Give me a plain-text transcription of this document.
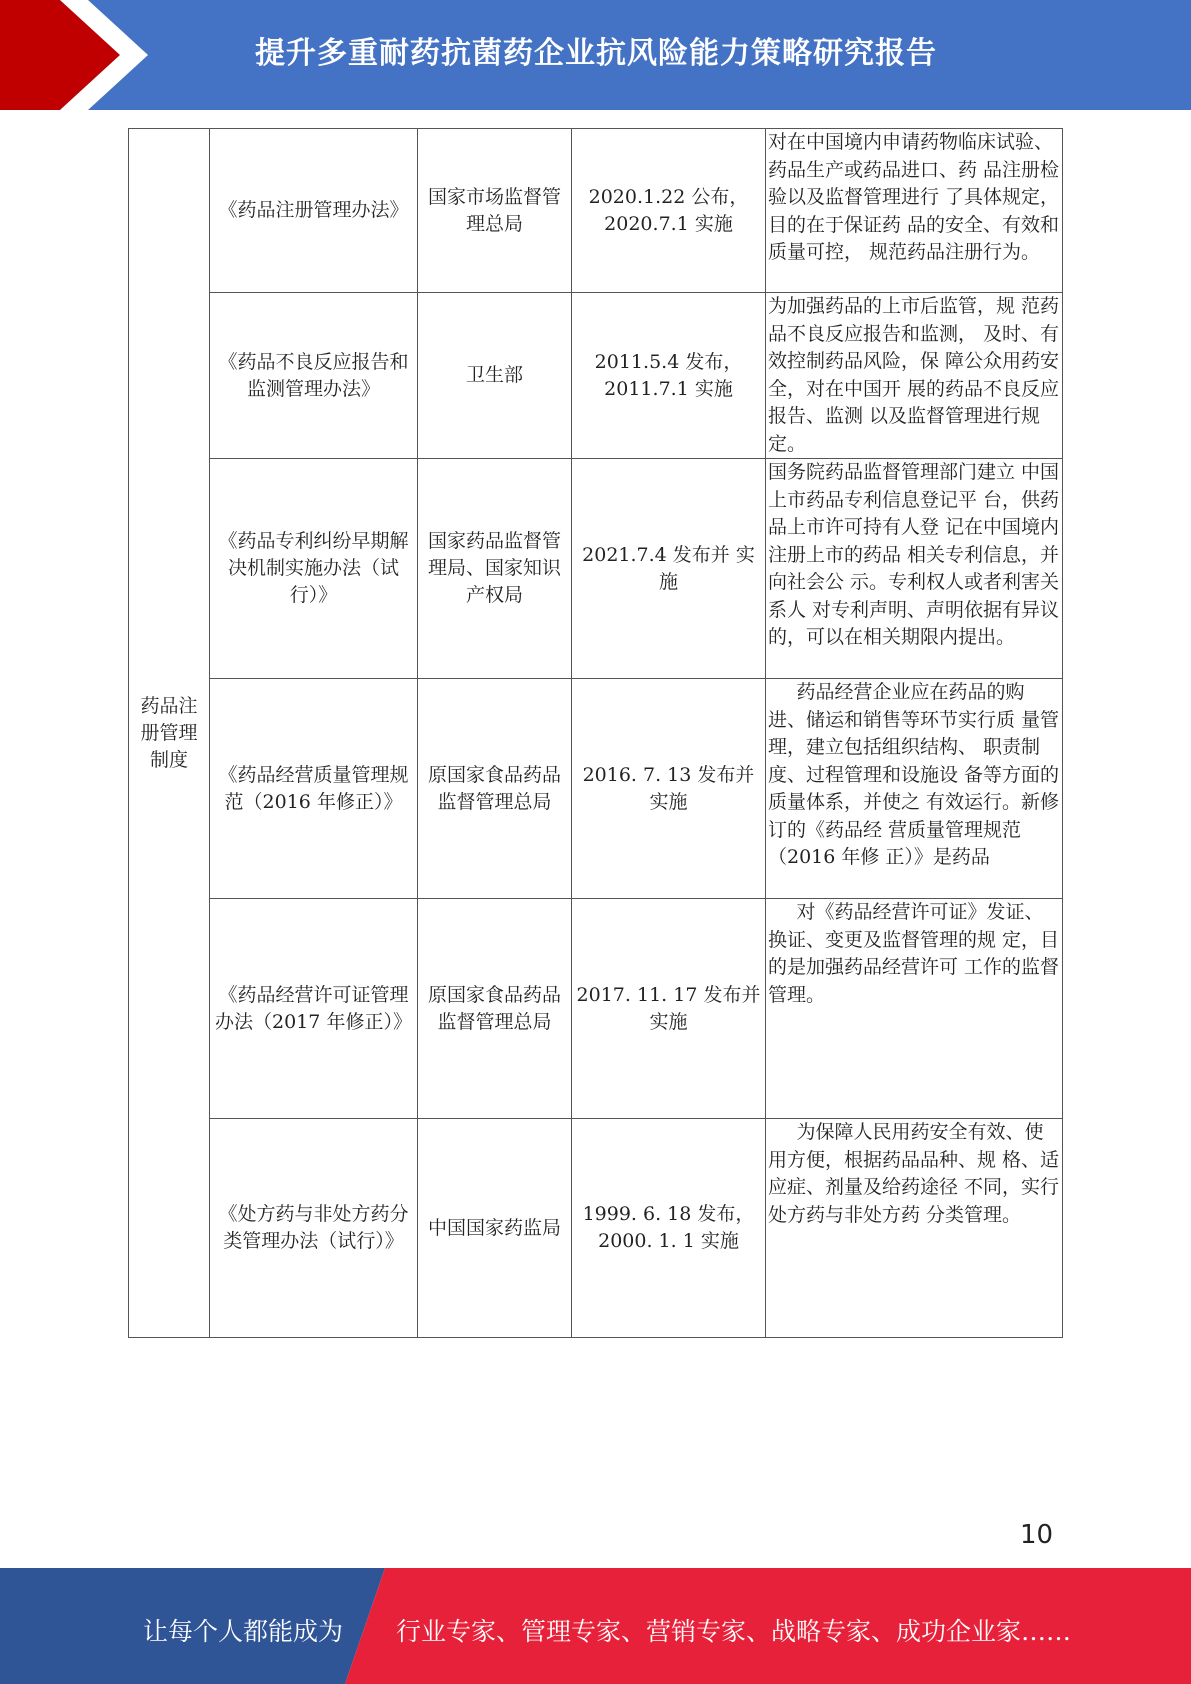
提升多重耐药抗菌药企业抗风险能力策略研究报告
药品注册管理制度	《药品注册管理办法》	国家市场监督管理总局	2020.1.22 公布，2020.7.1 实施	对在中国境内申请药物临床试验、药品生产或药品进口、药 品注册检验以及监督管理进行 了具体规定，目的在于保证药 品的安全、有效和质量可控， 规范药品注册行为。
	《药品不良反应报告和监测管理办法》	卫生部	2011.5.4 发布，2011.7.1 实施	为加强药品的上市后监管，规 范药品不良反应报告和监测， 及时、有效控制药品风险，保 障公众用药安全，对在中国开 展的药品不良反应报告、监测 以及监督管理进行规定。
	《药品专利纠纷早期解决机制实施办法（试行）》	国家药品监督管理局、国家知识产权局	2021.7.4 发布并 实施	国务院药品监督管理部门建立 中国上市药品专利信息登记平 台，供药品上市许可持有人登 记在中国境内注册上市的药品 相关专利信息，并向社会公 示。专利权人或者利害关系人 对专利声明、声明依据有异议 的，可以在相关期限内提出。
	《药品经营质量管理规范（2016 年修正）》	原国家食品药品监督管理总局	2016. 7. 13 发布并实施	药品经营企业应在药品的购进、储运和销售等环节实行质 量管理，建立包括组织结构、 职责制度、过程管理和设施设 备等方面的质量体系，并使之 有效运行。新修订的《药品经 营质量管理规范（2016 年修 正）》是药品
	《药品经营许可证管理办法（2017 年修正）》	原国家食品药品监督管理总局	2017. 11. 17 发布并实施	对《药品经营许可证》发证、换证、变更及监督管理的规 定，目的是加强药品经营许可 工作的监督管理。
	《处方药与非处方药分类管理办法（试行）》	中国国家药监局	1999. 6. 18 发布，2000. 1. 1 实施	为保障人民用药安全有效、使用方便，根据药品品种、规 格、适应症、剂量及给药途径 不同，实行处方药与非处方药 分类管理。
10
让每个人都能成为 行业专家、管理专家、营销专家、战略专家、成功企业家……
